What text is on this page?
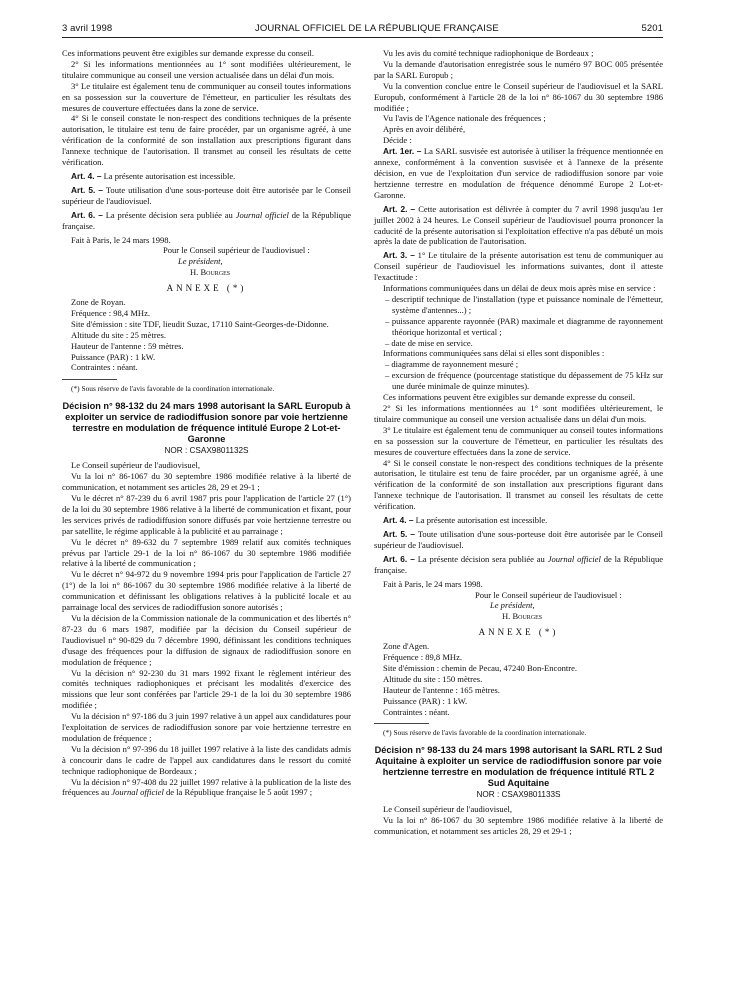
3 avril 1998	JOURNAL OFFICIEL DE LA RÉPUBLIQUE FRANÇAISE	5201

Ces informations peuvent être exigibles sur demande expresse du conseil.

2° Si les informations mentionnées au 1° sont modifiées ultérieurement, le titulaire communique au conseil une version actualisée dans un délai d'un mois.

3° Le titulaire est également tenu de communiquer au conseil toutes informations en sa possession sur la couverture de l'émetteur, en particulier les résultats des mesures de couverture effectuées dans la zone de service.

4° Si le conseil constate le non-respect des conditions techniques de la présente autorisation, le titulaire est tenu de faire procéder, par un organisme agréé, à une vérification de la conformité de son installation aux prescriptions figurant dans l'annexe technique de l'autorisation. Il transmet au conseil les résultats de cette vérification.

Art. 4. – La présente autorisation est incessible.

Art. 5. – Toute utilisation d'une sous-porteuse doit être autorisée par le Conseil supérieur de l'audiovisuel.

Art. 6. – La présente décision sera publiée au Journal officiel de la République française.

Fait à Paris, le 24 mars 1998.

Pour le Conseil supérieur de l'audiovisuel :
Le président,
H. Bourges
ANNEXE (*)

Zone de Royan.

Fréquence : 98,4 MHz.

Site d'émission : site TDF, lieudit Suzac, 17110 Saint-Georges-de-Didonne.

Altitude du site : 25 mètres.

Hauteur de l'antenne : 59 mètres.

Puissance (PAR) : 1 kW.

Contraintes : néant.

(*) Sous réserve de l'avis favorable de la coordination internationale.

Décision n° 98-132 du 24 mars 1998 autorisant la SARL Europub à exploiter un service de radiodiffusion sonore par voie hertzienne terrestre en modulation de fréquence intitulé Europe 2 Lot-et-Garonne
NOR : CSAX9801132S

Le Conseil supérieur de l'audiovisuel,

Vu la loi n° 86-1067 du 30 septembre 1986 modifiée relative à la liberté de communication, et notamment ses articles 28, 29 et 29-1 ;

Vu le décret n° 87-239 du 6 avril 1987 pris pour l'application de l'article 27 (1°) de la loi du 30 septembre 1986 relative à la liberté de communication et fixant, pour les services privés de radiodiffusion sonore diffusés par voie hertzienne terrestre ou par satellite, le régime applicable à la publicité et au parrainage ;

Vu le décret n° 89-632 du 7 septembre 1989 relatif aux comités techniques prévus par l'article 29-1 de la loi n° 86-1067 du 30 septembre 1986 modifiée relative à la liberté de communication ;

Vu le décret n° 94-972 du 9 novembre 1994 pris pour l'application de l'article 27 (1°) de la loi n° 86-1067 du 30 septembre 1986 modifiée relative à la liberté de communication et définissant les obligations relatives à la publicité locale et au parrainage local des services de radiodiffusion sonore autorisés ;

Vu la décision de la Commission nationale de la communication et des libertés n° 87-23 du 6 mars 1987, modifiée par la décision du Conseil supérieur de l'audiovisuel n° 90-829 du 7 décembre 1990, définissant les conditions techniques d'usage des fréquences pour la diffusion de signaux de radiodiffusion sonore en modulation de fréquence ;

Vu la décision n° 92-230 du 31 mars 1992 fixant le règlement intérieur des comités techniques radiophoniques et précisant les modalités d'exercice des missions que leur sont conférées par l'article 29-1 de la loi du 30 septembre 1986 modifiée ;

Vu la décision n° 97-186 du 3 juin 1997 relative à un appel aux candidatures pour l'exploitation de services de radiodiffusion sonore par voie hertzienne terrestre en modulation de fréquence ;

Vu la décision n° 97-396 du 18 juillet 1997 relative à la liste des candidats admis à concourir dans le cadre de l'appel aux candidatures dans le ressort du comité technique radiophonique de Bordeaux ;

Vu la décision n° 97-408 du 22 juillet 1997 relative à la publication de la liste des fréquences au Journal officiel de la République française le 5 août 1997 ;

Vu les avis du comité technique radiophonique de Bordeaux ;

Vu la demande d'autorisation enregistrée sous le numéro 97 BOC 005 présentée par la SARL Europub ;

Vu la convention conclue entre le Conseil supérieur de l'audiovisuel et la SARL Europub, conformément à l'article 28 de la loi n° 86-1067 du 30 septembre 1986 modifiée ;

Vu l'avis de l'Agence nationale des fréquences ;

Après en avoir délibéré,

Décide :

Art. 1er. – La SARL susvisée est autorisée à utiliser la fréquence mentionnée en annexe, conformément à la convention susvisée et à l'annexe de la présente décision, en vue de l'exploitation d'un service de radiodiffusion sonore par voie hertzienne terrestre en modulation de fréquence dénommé Europe 2 Lot-et-Garonne.

Art. 2. – Cette autorisation est délivrée à compter du 7 avril 1998 jusqu'au 1er juillet 2002 à 24 heures. Le Conseil supérieur de l'audiovisuel pourra prononcer la caducité de la présente autorisation si l'exploitation effective n'a pas débuté un mois après la date de publication de l'autorisation.

Art. 3. – 1° Le titulaire de la présente autorisation est tenu de communiquer au Conseil supérieur de l'audiovisuel les informations suivantes, dont il atteste l'exactitude :

Informations communiquées dans un délai de deux mois après mise en service :

– descriptif technique de l'installation (type et puissance nominale de l'émetteur, système d'antennes...) ;

– puissance apparente rayonnée (PAR) maximale et diagramme de rayonnement théorique horizontal et vertical ;

– date de mise en service.

Informations communiquées sans délai si elles sont disponibles :

– diagramme de rayonnement mesuré ;

– excursion de fréquence (pourcentage statistique du dépassement de 75 kHz sur une durée minimale de quinze minutes).

Ces informations peuvent être exigibles sur demande expresse du conseil.

2° Si les informations mentionnées au 1° sont modifiées ultérieurement, le titulaire communique au conseil une version actualisée dans un délai d'un mois.

3° Le titulaire est également tenu de communiquer au conseil toutes informations en sa possession sur la couverture de l'émetteur, en particulier les résultats des mesures de couverture effectuées dans la zone de service.

4° Si le conseil constate le non-respect des conditions techniques de la présente autorisation, le titulaire est tenu de faire procéder, par un organisme agréé, à une vérification de la conformité de son installation aux prescriptions figurant dans l'annexe technique de l'autorisation. Il transmet au conseil les résultats de cette vérification.

Art. 4. – La présente autorisation est incessible.

Art. 5. – Toute utilisation d'une sous-porteuse doit être autorisée par le Conseil supérieur de l'audiovisuel.

Art. 6. – La présente décision sera publiée au Journal officiel de la République française.

Fait à Paris, le 24 mars 1998.

Pour le Conseil supérieur de l'audiovisuel :
Le président,
H. Bourges
ANNEXE (*)

Zone d'Agen.

Fréquence : 89,8 MHz.

Site d'émission : chemin de Pecau, 47240 Bon-Encontre.

Altitude du site : 150 mètres.

Hauteur de l'antenne : 165 mètres.

Puissance (PAR) : 1 kW.

Contraintes : néant.

(*) Sous réserve de l'avis favorable de la coordination internationale.

Décision n° 98-133 du 24 mars 1998 autorisant la SARL RTL 2 Sud Aquitaine à exploiter un service de radiodiffusion sonore par voie hertzienne terrestre en modulation de fréquence intitulé RTL 2 Sud Aquitaine
NOR : CSAX9801133S

Le Conseil supérieur de l'audiovisuel,

Vu la loi n° 86-1067 du 30 septembre 1986 modifiée relative à la liberté de communication, et notamment ses articles 28, 29 et 29-1 ;
